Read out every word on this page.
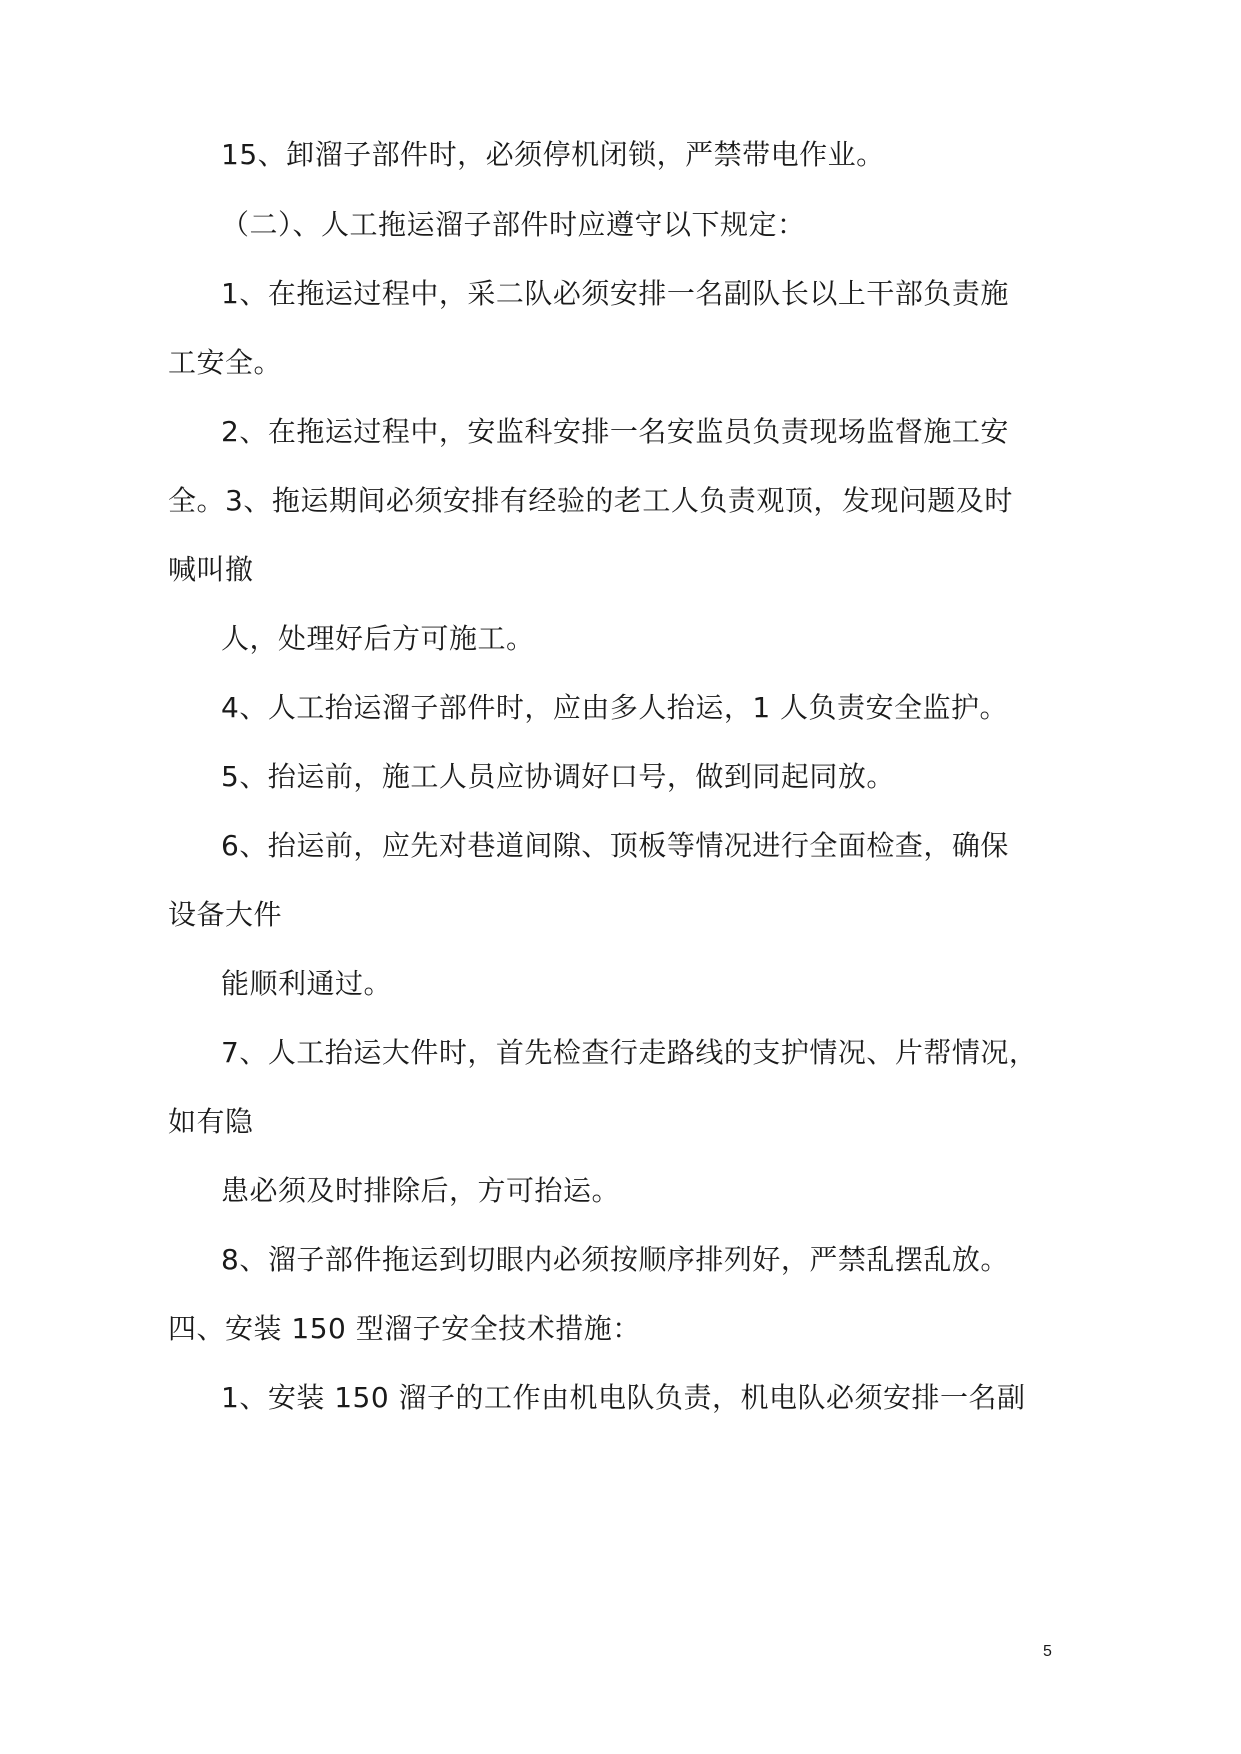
15、卸溜子部件时，必须停机闭锁，严禁带电作业。
（二）、人工拖运溜子部件时应遵守以下规定：
1、在拖运过程中，采二队必须安排一名副队长以上干部负责施
工安全。
2、在拖运过程中，安监科安排一名安监员负责现场监督施工安
全。3、拖运期间必须安排有经验的老工人负责观顶，发现问题及时
喊叫撤
人，处理好后方可施工。
4、人工抬运溜子部件时，应由多人抬运，1 人负责安全监护。
5、抬运前，施工人员应协调好口号，做到同起同放。
6、抬运前，应先对巷道间隙、顶板等情况进行全面检查，确保
设备大件
能顺利通过。
7、人工抬运大件时，首先检查行走路线的支护情况、片帮情况，
如有隐
患必须及时排除后，方可抬运。
8、溜子部件拖运到切眼内必须按顺序排列好，严禁乱摆乱放。
四、安装 150 型溜子安全技术措施：
1、安装 150 溜子的工作由机电队负责，机电队必须安排一名副
5
